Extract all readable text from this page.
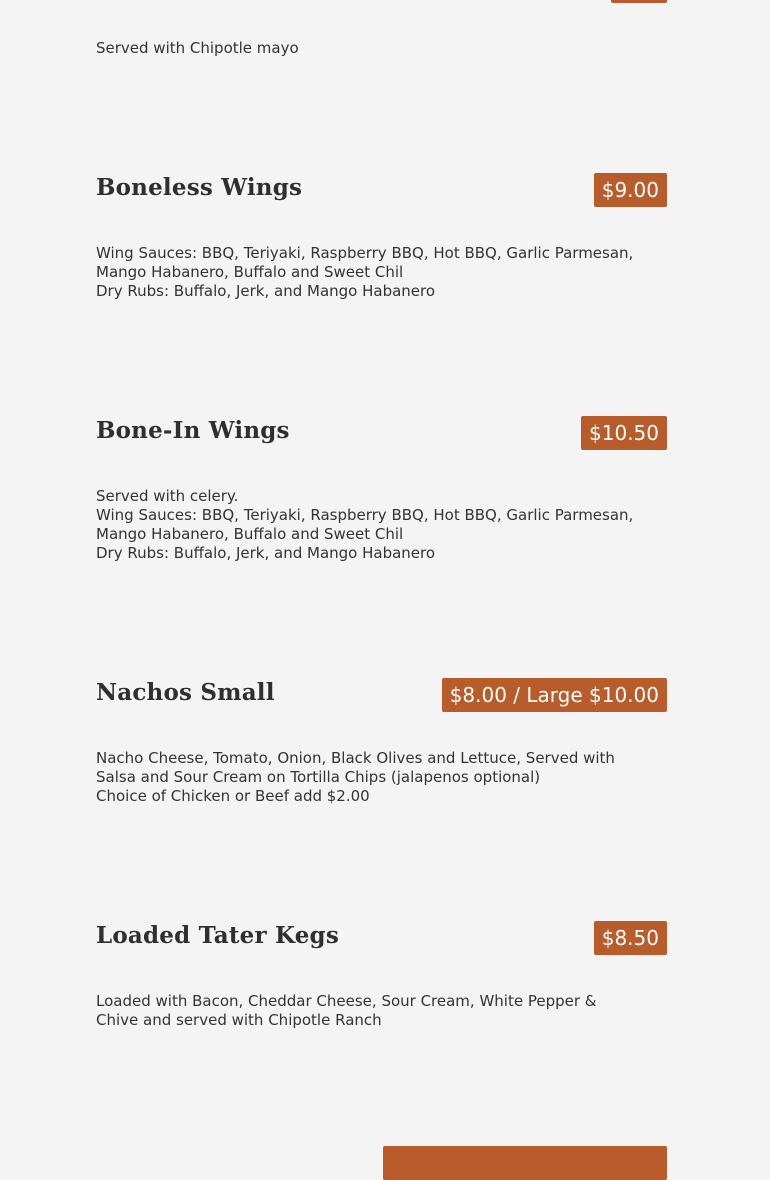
Served with Chipotle mayo
Boneless Wings	$9.00
Wing Sauces: BBQ, Teriyaki, Raspberry BBQ, Hot BBQ, Garlic Parmesan,
Mango Habanero, Buffalo and Sweet Chil
Dry Rubs: Buffalo, Jerk, and Mango Habanero
Bone-In Wings	$10.50
Served with celery.
Wing Sauces: BBQ, Teriyaki, Raspberry BBQ, Hot BBQ, Garlic Parmesan,
Mango Habanero, Buffalo and Sweet Chil
Dry Rubs: Buffalo, Jerk, and Mango Habanero
Nachos Small	$8.00 / Large $10.00
Nacho Cheese, Tomato, Onion, Black Olives and Lettuce, Served with
Salsa and Sour Cream on Tortilla Chips (jalapenos optional)
Choice of Chicken or Beef add $2.00
Loaded Tater Kegs	$8.50
Loaded with Bacon, Cheddar Cheese, Sour Cream, White Pepper &
Chive and served with Chipotle Ranch
